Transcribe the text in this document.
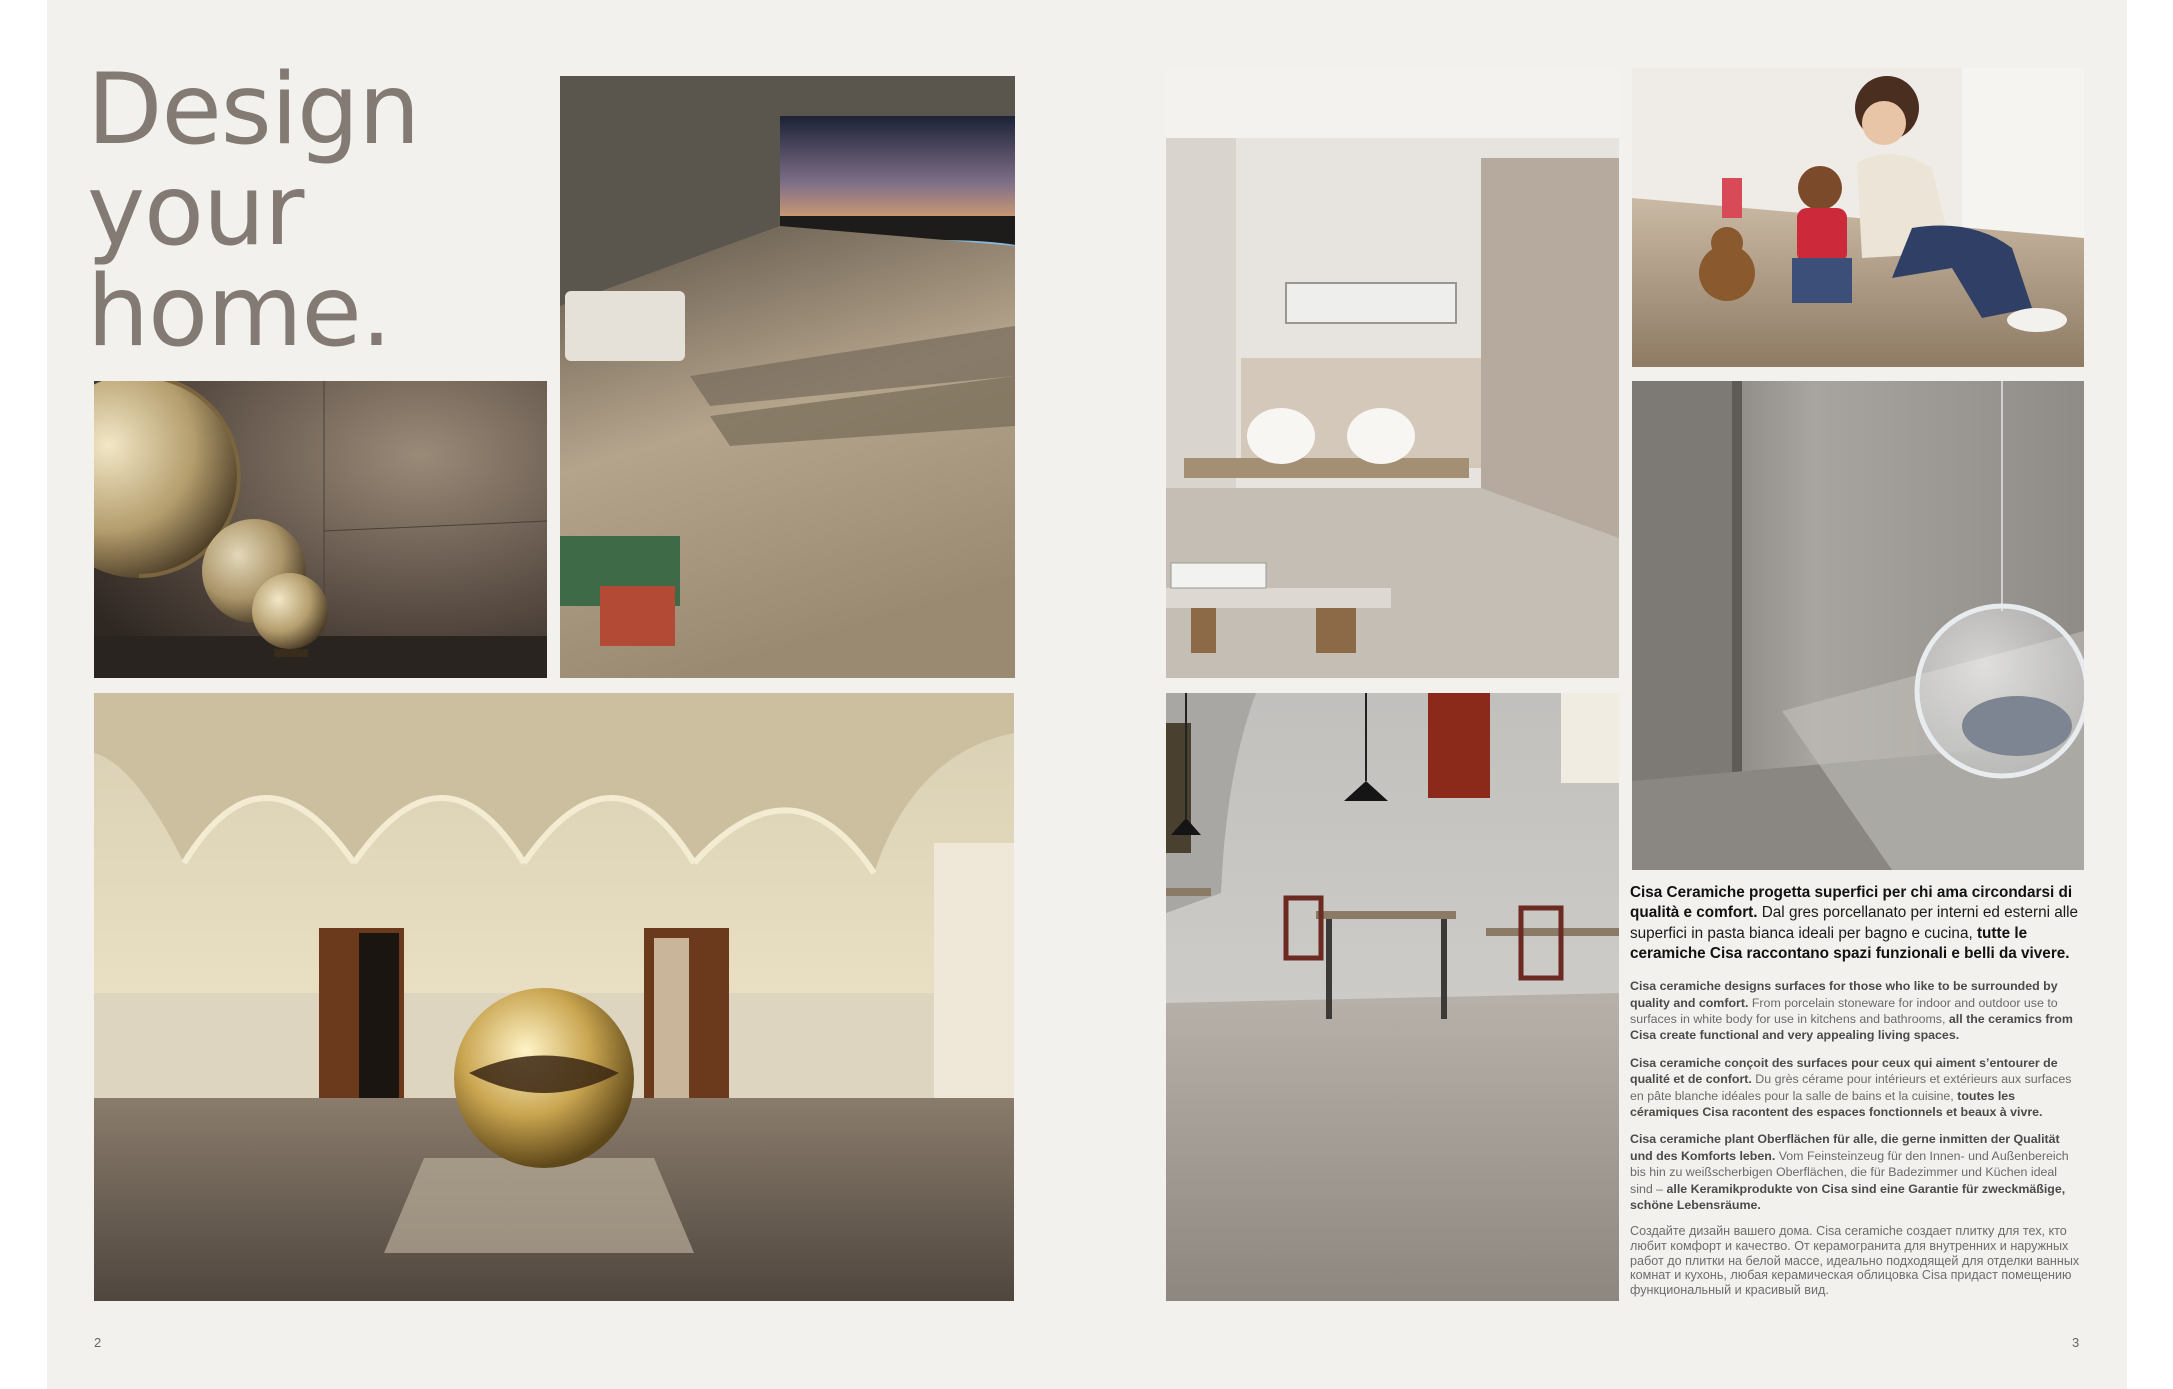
Design
your
home.
2

Cisa Ceramiche progetta superfici per chi ama circondarsi di qualità e comfort. Dal gres porcellanato per interni ed esterni alle superfici in pasta bianca ideali per bagno e cucina, tutte le ceramiche Cisa raccontano spazi funzionali e belli da vivere.

Cisa ceramiche designs surfaces for those who like to be surrounded by quality and comfort. From porcelain stoneware for indoor and outdoor use to surfaces in white body for use in kitchens and bathrooms, all the ceramics from Cisa create functional and very appealing living spaces.

Cisa ceramiche conçoit des surfaces pour ceux qui aiment s’entourer de qualité et de confort. Du grès cérame pour intérieurs et extérieurs aux surfaces en pâte blanche idéales pour la salle de bains et la cuisine, toutes les céramiques Cisa racontent des espaces fonctionnels et beaux à vivre.

Cisa ceramiche plant Oberflächen für alle, die gerne inmitten der Qualität und des Komforts leben. Vom Feinsteinzeug für den Innen- und Außenbereich bis hin zu weißscherbigen Oberflächen, die für Badezimmer und Küchen ideal sind – alle Keramikprodukte von Cisa sind eine Garantie für zweckmäßige, schöne Lebensräume.

Создайте дизайн вашего дома. Cisa ceramiche создает плитку для тех, кто любит комфорт и качество. От керамогранита для внутренних и наружных работ до плитки на белой массе, идеально подходящей для отделки ванных комнат и кухонь, любая керамическая облицовка Cisa придаст помещению функциональный и красивый вид.

3
